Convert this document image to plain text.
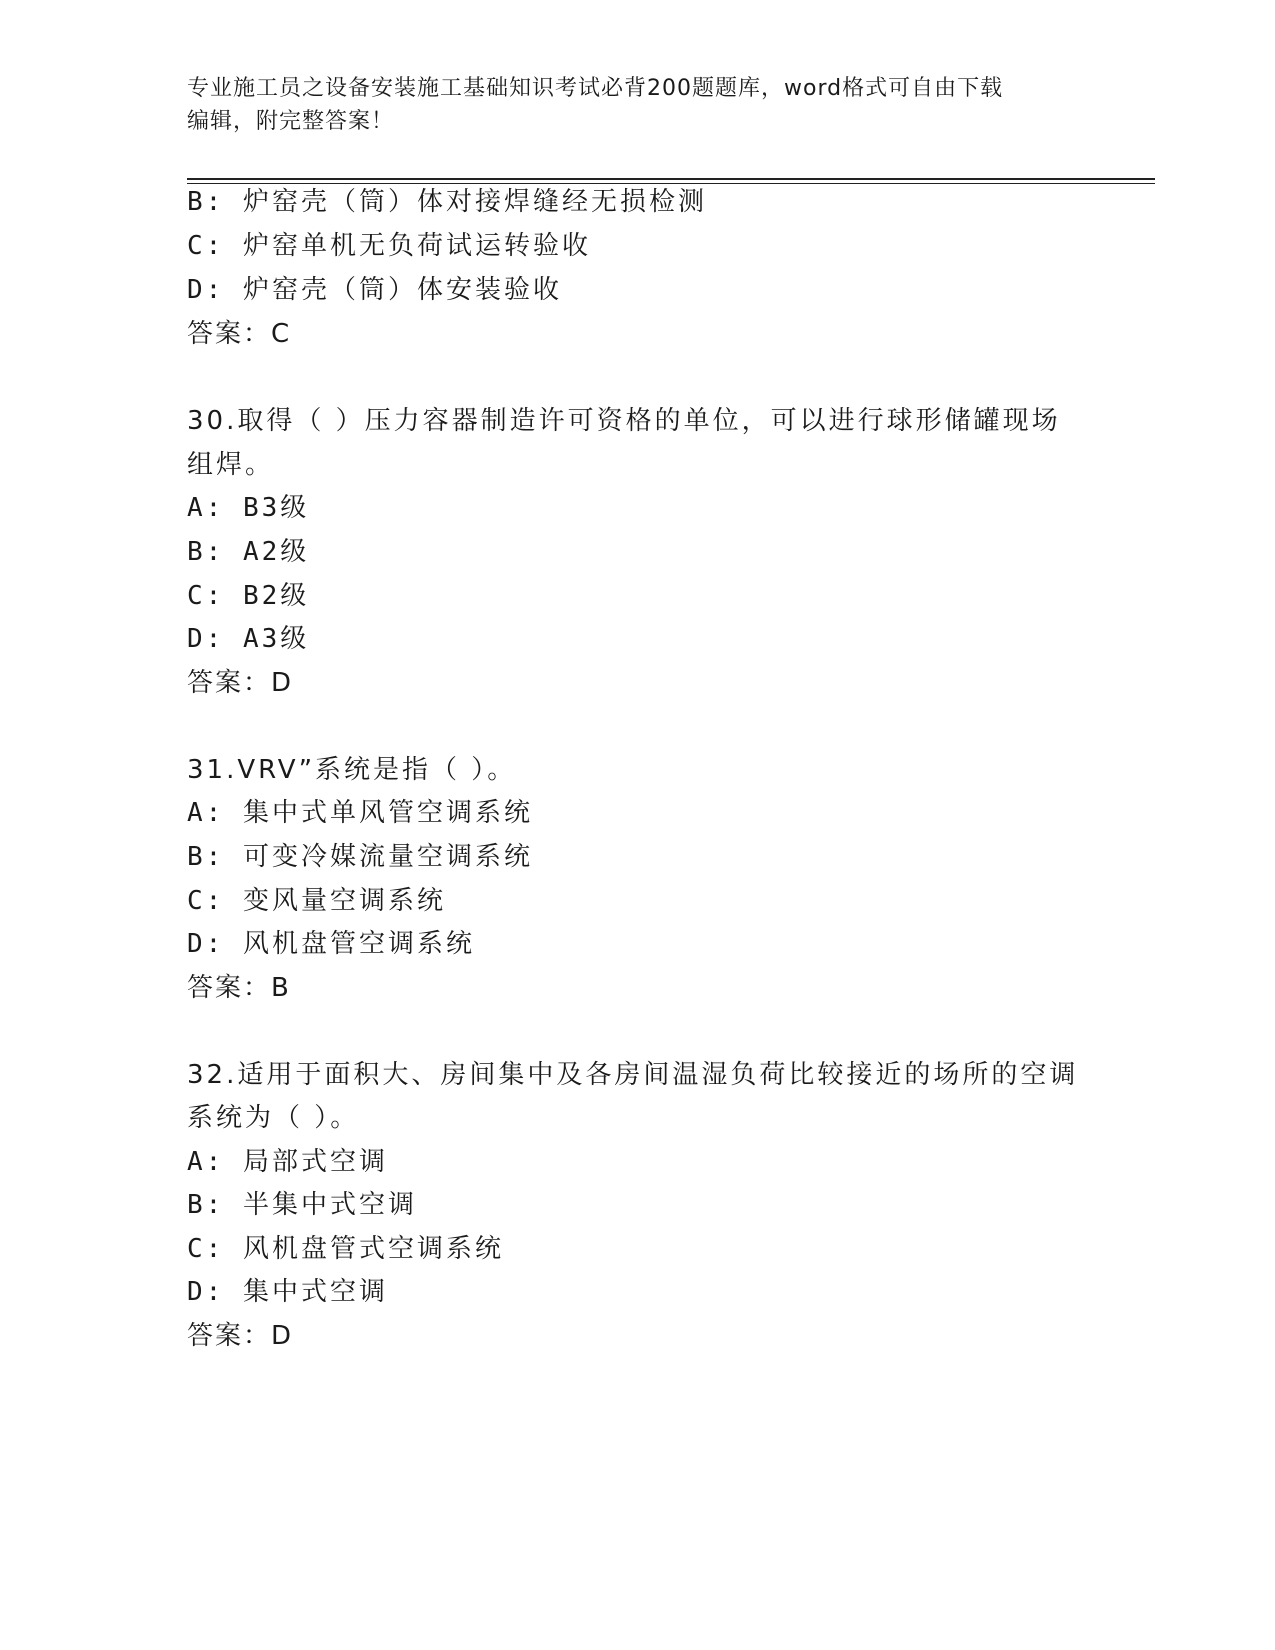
专业施工员之设备安装施工基础知识考试必背200题题库，word格式可自由下载
编辑，附完整答案！
B: 炉窑壳（筒）体对接焊缝经无损检测
C: 炉窑单机无负荷试运转验收
D: 炉窑壳（筒）体安装验收
答案：C
30.取得（ ）压力容器制造许可资格的单位，可以进行球形储罐现场
组焊。
A: B3级
B: A2级
C: B2级
D: A3级
答案：D
31.VRV”系统是指（ ）。
A: 集中式单风管空调系统
B: 可变冷媒流量空调系统
C: 变风量空调系统
D: 风机盘管空调系统
答案：B
32.适用于面积大、房间集中及各房间温湿负荷比较接近的场所的空调
系统为（ ）。
A: 局部式空调
B: 半集中式空调
C: 风机盘管式空调系统
D: 集中式空调
答案：D
